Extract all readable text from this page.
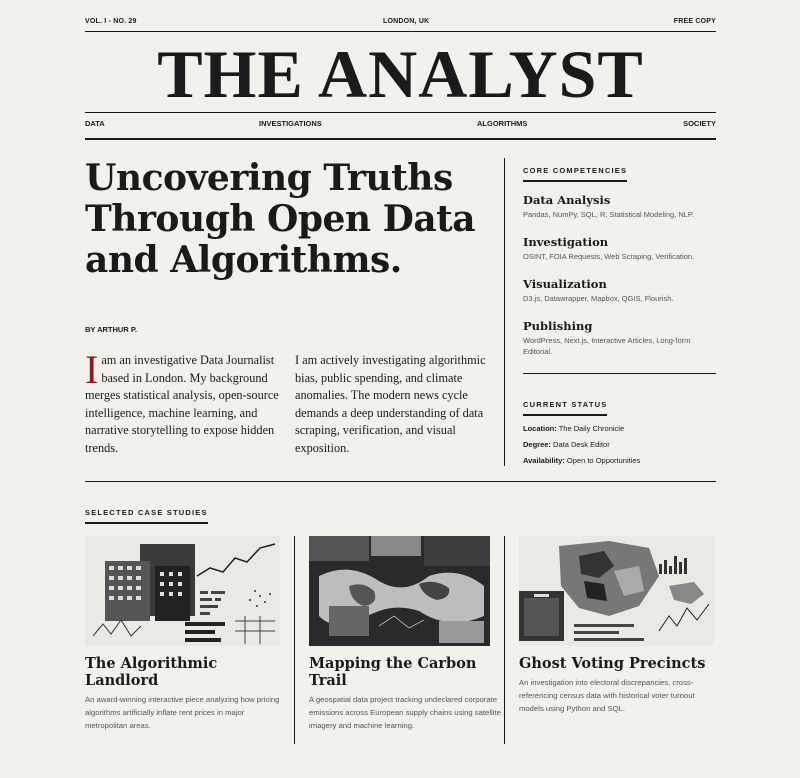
VOL. I - NO. 29	LONDON, UK	FREE COPY
THE ANALYST
DATA	INVESTIGATIONS	ALGORITHMS	SOCIETY
Uncovering Truths Through Open Data and Algorithms.
BY ARTHUR P.
Iam an investigative Data Journalist based in London. My background merges statistical analysis, open-source intelligence, machine learning, and narrative storytelling to expose hidden trends.
I am actively investigating algorithmic bias, public spending, and climate anomalies. The modern news cycle demands a deep understanding of data scraping, verification, and visual exposition.
CORE COMPETENCIES
Data Analysis
Pandas, NumPy, SQL, R, Statistical Modeling, NLP.
Investigation
OSINT, FOIA Requests, Web Scraping, Verification.
Visualization
D3.js, Datawrapper, Mapbox, QGIS, Flourish.
Publishing
WordPress, Next.js, Interactive Articles, Long-form Editorial.
CURRENT STATUS
Location: The Daily Chronicle
Degree: Data Desk Editor
Availability: Open to Opportunities
SELECTED CASE STUDIES
The Algorithmic Landlord
An award-winning interactive piece analyzing how pricing algorithms artificially inflate rent prices in major metropolitan areas.
Mapping the Carbon Trail
A geospatial data project tracking undeclared corporate emissions across European supply chains using satellite imagery and machine learning.
Ghost Voting Precincts
An investigation into electoral discrepancies, cross-referencing census data with historical voter turnout models using Python and SQL.
